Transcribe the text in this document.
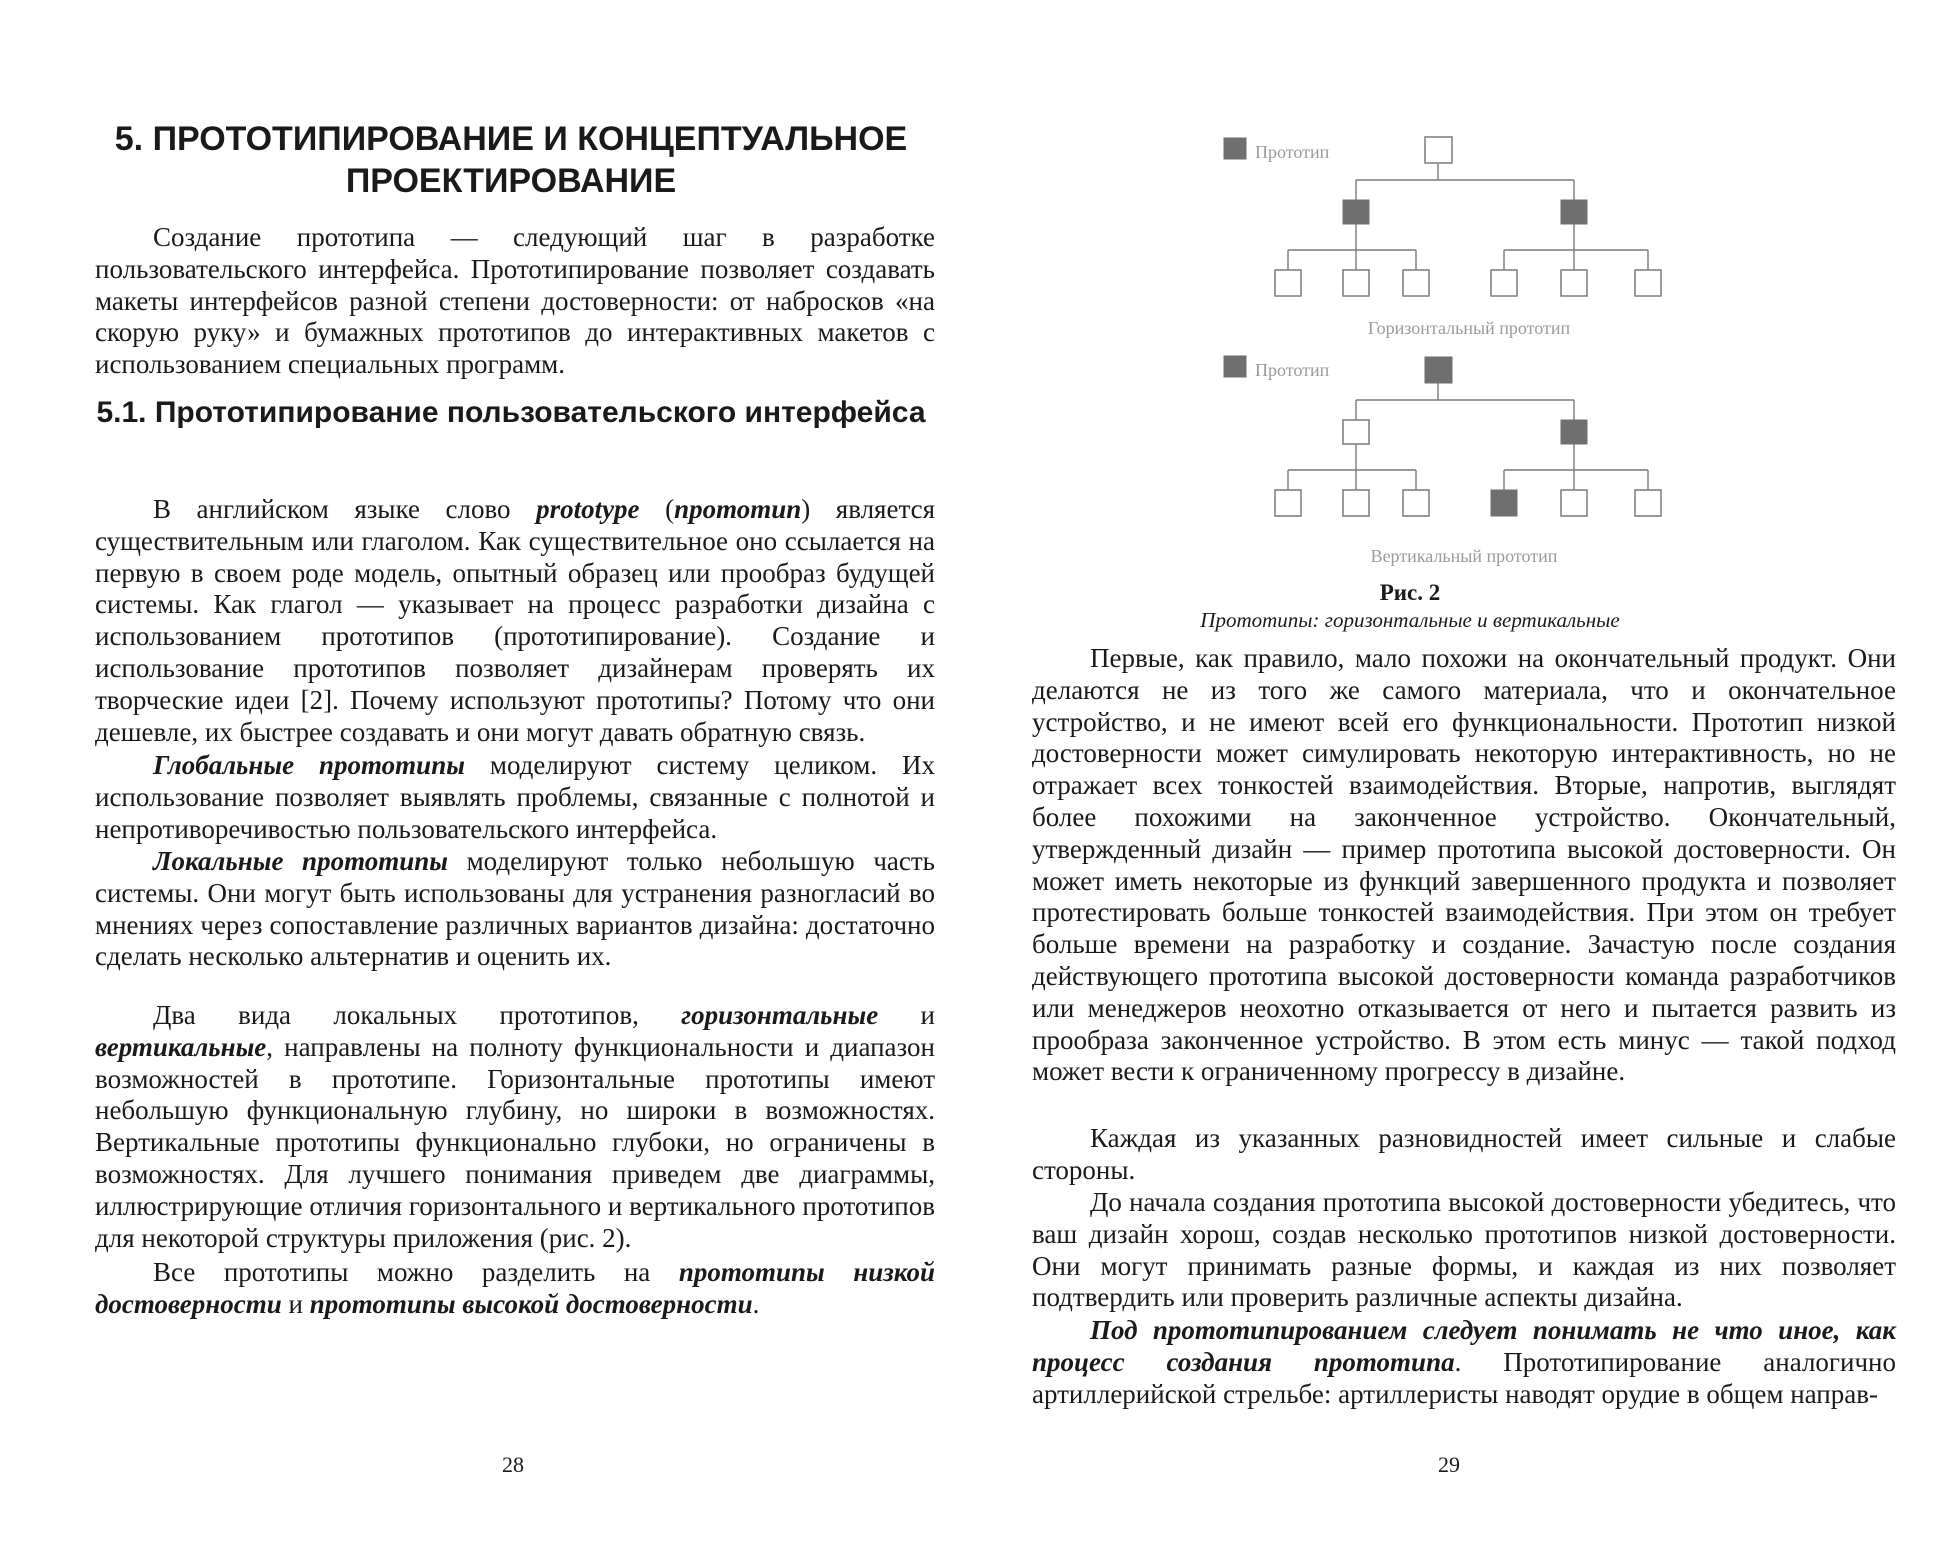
5. ПРОТОТИПИРОВАНИЕ И КОНЦЕПТУАЛЬНОЕ ПРОЕКТИРОВАНИЕ

Создание прототипа — следующий шаг в разработке пользовательского интерфейса. Прототипирование позволяет создавать макеты интерфейсов разной степени достоверности: от набросков «на скорую руку» и бумажных прототипов до интерактивных макетов с использованием специальных программ.

5.1. Прототипирование пользовательского интерфейса

В английском языке слово prototype (прототип) является существительным или глаголом. Как существительное оно ссылается на первую в своем роде модель, опытный образец или прообраз будущей системы. Как глагол — указывает на процесс разработки дизайна с использованием прототипов (прототипирование). Создание и использование прототипов позволяет дизайнерам проверять их творческие идеи [2]. Почему используют прототипы? Потому что они дешевле, их быстрее создавать и они могут давать обратную связь.

Глобальные прототипы моделируют систему целиком. Их использование позволяет выявлять проблемы, связанные с полнотой и непротиворечивостью пользовательского интерфейса.

Локальные прототипы моделируют только небольшую часть системы. Они могут быть использованы для устранения разногласий во мнениях через сопоставление различных вариантов дизайна: достаточно сделать несколько альтернатив и оценить их.

Два вида локальных прототипов, горизонтальные и вертикальные, направлены на полноту функциональности и диапазон возможностей в прототипе. Горизонтальные прототипы имеют небольшую функциональную глубину, но широки в возможностях. Вертикальные прототипы функционально глубоки, но ограничены в возможностях. Для лучшего понимания приведем две диаграммы, иллюстрирующие отличия горизонтального и вертикального прототипов для некоторой структуры приложения (рис. 2).

Все прототипы можно разделить на прототипы низкой достоверности и прототипы высокой достоверности.

28
Прототип
Горизонтальный прототип
Прототип
Вертикальный прототип

Рис. 2

Прототипы: горизонтальные и вертикальные

Первые, как правило, мало похожи на окончательный продукт. Они делаются не из того же самого материала, что и окончательное устройство, и не имеют всей его функциональности. Прототип низкой достоверности может симулировать некоторую интерактивность, но не отражает всех тонкостей взаимодействия. Вторые, напротив, выглядят более похожими на законченное устройство. Окончательный, утвержденный дизайн — пример прототипа высокой достоверности. Он может иметь некоторые из функций завершенного продукта и позволяет протестировать больше тонкостей взаимодействия. При этом он требует больше времени на разработку и создание. Зачастую после создания действующего прототипа высокой достоверности команда разработчиков или менеджеров неохотно отказывается от него и пытается развить из прообраза законченное устройство. В этом есть минус — такой подход может вести к ограниченному прогрессу в дизайне.

Каждая из указанных разновидностей имеет сильные и слабые стороны.

До начала создания прототипа высокой достоверности убедитесь, что ваш дизайн хорош, создав несколько прототипов низкой достоверности. Они могут принимать разные формы, и каждая из них позволяет подтвердить или проверить различные аспекты дизайна.

Под прототипированием следует понимать не что иное, как процесс создания прототипа. Прототипирование аналогично артиллерийской стрельбе: артиллеристы наводят орудие в общем направ-

29
